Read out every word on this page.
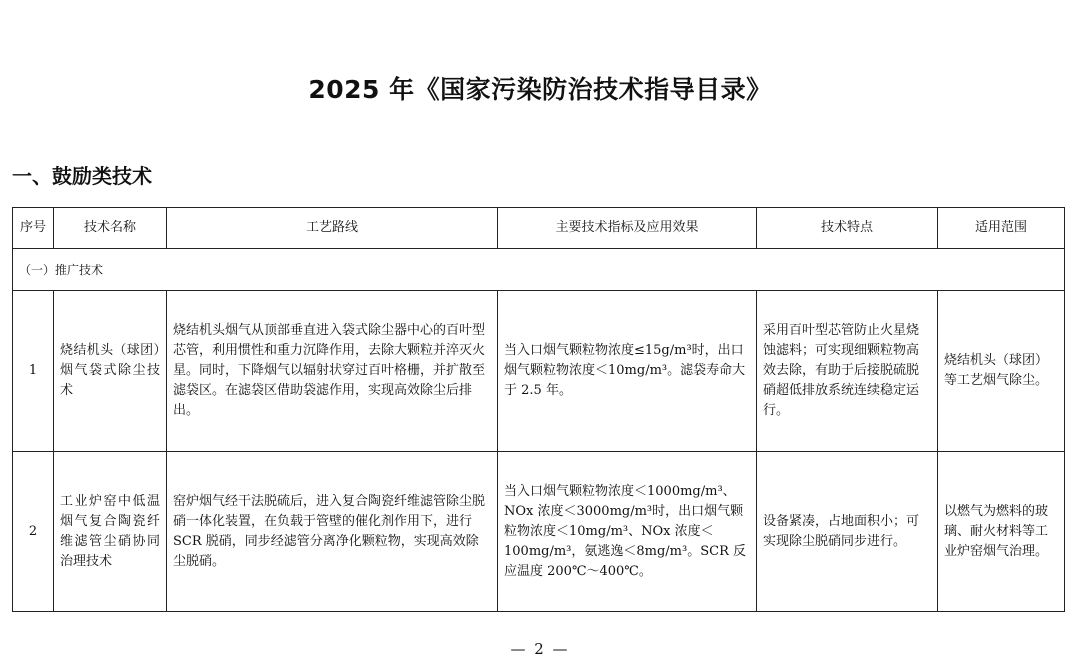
2025 年《国家污染防治技术指导目录》
一、鼓励类技术
序号	技术名称	工艺路线	主要技术指标及应用效果	技术特点	适用范围
（一）推广技术					
1	烧结机头（球团）烟气袋式除尘技术	烧结机头烟气从顶部垂直进入袋式除尘器中心的百叶型芯管，利用惯性和重力沉降作用，去除大颗粒并淬灭火星。同时，下降烟气以辐射状穿过百叶格栅，并扩散至滤袋区。在滤袋区借助袋滤作用，实现高效除尘后排出。	当入口烟气颗粒物浓度≤15g/m³时，出口烟气颗粒物浓度＜10mg/m³。滤袋寿命大于 2.5 年。	采用百叶型芯管防止火星烧蚀滤料；可实现细颗粒物高效去除，有助于后接脱硫脱硝超低排放系统连续稳定运行。	烧结机头（球团）等工艺烟气除尘。
2	工业炉窑中低温烟气复合陶瓷纤维滤管尘硝协同治理技术	窑炉烟气经干法脱硫后，进入复合陶瓷纤维滤管除尘脱硝一体化装置，在负载于管壁的催化剂作用下，进行 SCR 脱硝，同步经滤管分离净化颗粒物，实现高效除尘脱硝。	当入口烟气颗粒物浓度＜1000mg/m³、NOx 浓度＜3000mg/m³时，出口烟气颗粒物浓度＜10mg/m³、NOx 浓度＜100mg/m³，氨逃逸＜8mg/m³。SCR 反应温度 200℃～400℃。	设备紧凑，占地面积小；可实现除尘脱硝同步进行。	以燃气为燃料的玻璃、耐火材料等工业炉窑烟气治理。
— 2 —
